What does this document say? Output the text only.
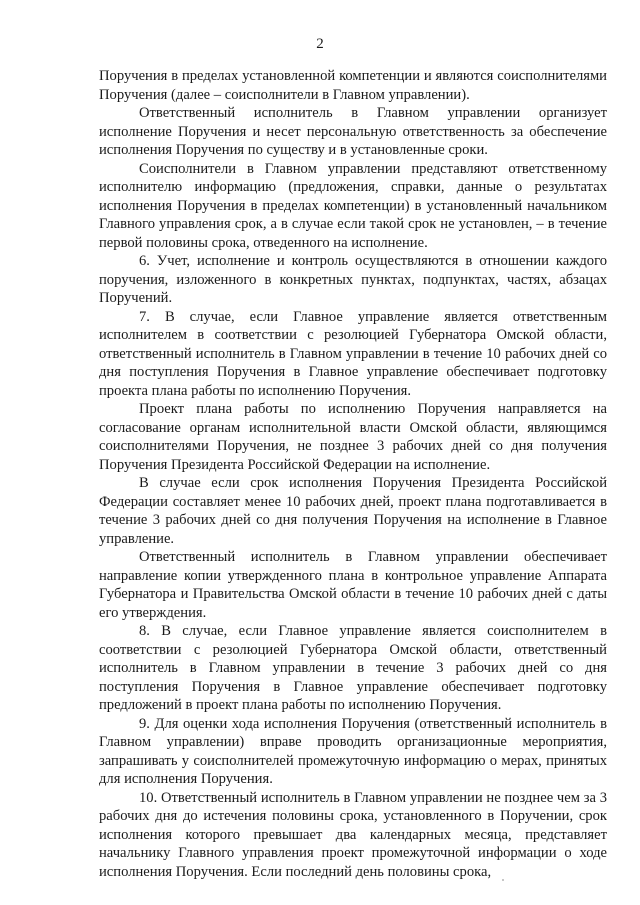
2

Поручения в пределах установленной компетенции и являются соисполнителями Поручения (далее – соисполнители в Главном управлении).

Ответственный исполнитель в Главном управлении организует исполнение Поручения и несет персональную ответственность за обеспечение исполнения Поручения по существу и в установленные сроки.

Соисполнители в Главном управлении представляют ответственному исполнителю информацию (предложения, справки, данные о результатах исполнения Поручения в пределах компетенции) в установленный начальником Главного управления срок, а в случае если такой срок не установлен, – в течение первой половины срока, отведенного на исполнение.

6. Учет, исполнение и контроль осуществляются в отношении каждого поручения, изложенного в конкретных пунктах, подпунктах, частях, абзацах Поручений.

7. В случае, если Главное управление является ответственным исполнителем в соответствии с резолюцией Губернатора Омской области, ответственный исполнитель в Главном управлении в течение 10 рабочих дней со дня поступления Поручения в Главное управление обеспечивает подготовку проекта плана работы по исполнению Поручения.

Проект плана работы по исполнению Поручения направляется на согласование органам исполнительной власти Омской области, являющимся соисполнителями Поручения, не позднее 3 рабочих дней со дня получения Поручения Президента Российской Федерации на исполнение.

В случае если срок исполнения Поручения Президента Российской Федерации составляет менее 10 рабочих дней, проект плана подготавливается в течение 3 рабочих дней со дня получения Поручения на исполнение в Главное управление.

Ответственный исполнитель в Главном управлении обеспечивает направление копии утвержденного плана в контрольное управление Аппарата Губернатора и Правительства Омской области в течение 10 рабочих дней с даты его утверждения.

8. В случае, если Главное управление является соисполнителем в соответствии с резолюцией Губернатора Омской области, ответственный исполнитель в Главном управлении в течение 3 рабочих дней со дня поступления Поручения в Главное управление обеспечивает подготовку предложений в проект плана работы по исполнению Поручения.

9. Для оценки хода исполнения Поручения (ответственный исполнитель в Главном управлении) вправе проводить организационные мероприятия, запрашивать у соисполнителей промежуточную информацию о мерах, принятых для исполнения Поручения.

10. Ответственный исполнитель в Главном управлении не позднее чем за 3 рабочих дня до истечения половины срока, установленного в Поручении, срок исполнения которого превышает два календарных месяца, представляет начальнику Главного управления проект промежуточной информации о ходе исполнения Поручения. Если последний день половины срока,
